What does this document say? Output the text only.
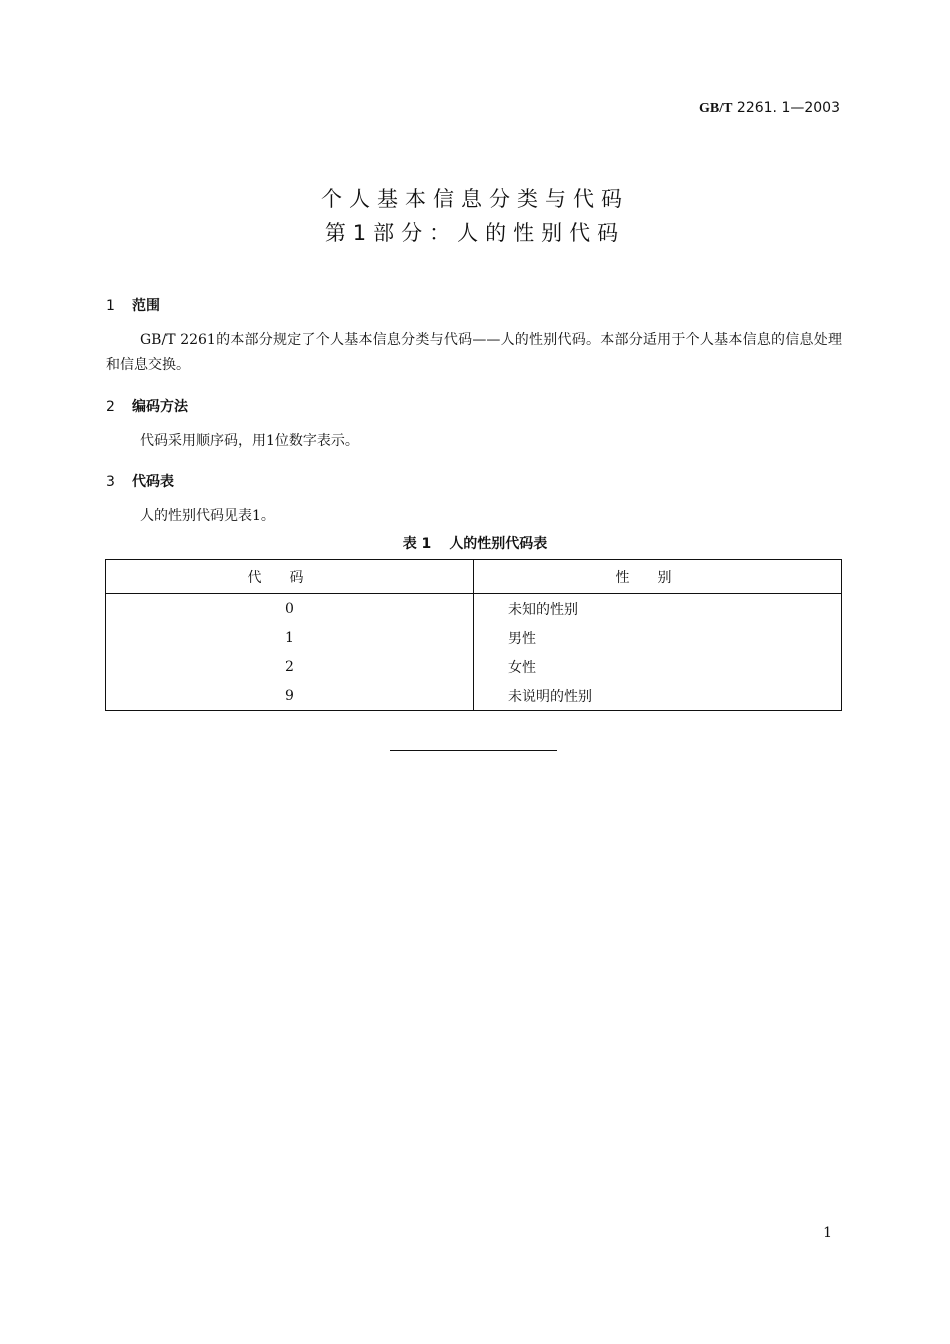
GB/T 2261. 1—2003
个人基本信息分类与代码
第1部分：人的性别代码
1 范围
GB/T 2261的本部分规定了个人基本信息分类与代码——人的性别代码。本部分适用于个人基本信息的信息处理和信息交换。
2 编码方法
代码采用顺序码，用1位数字表示。
3 代码表
人的性别代码见表1。
表 1 人的性别代码表
代码	性别
0	未知的性别
1	男性
2	女性
9	未说明的性别
1
